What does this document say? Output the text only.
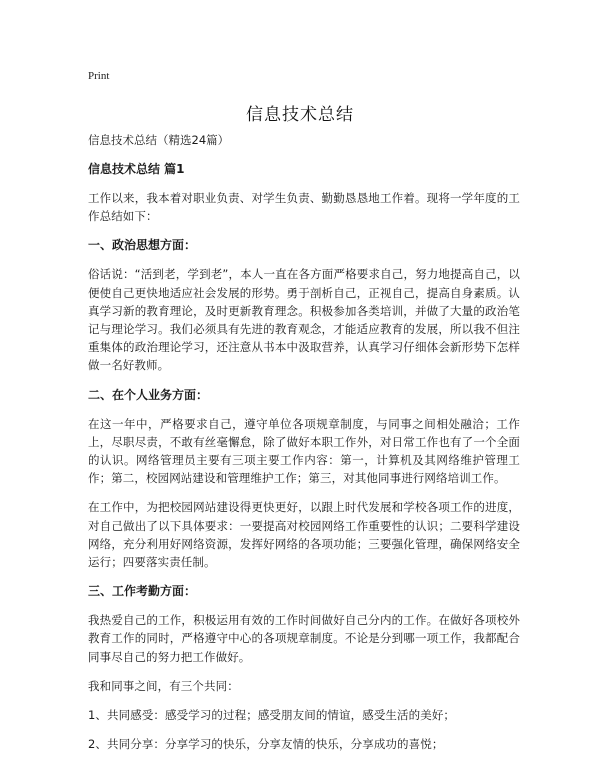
Print
信息技术总结

信息技术总结（精选24篇）

信息技术总结 篇1

工作以来，我本着对职业负责、对学生负责、勤勤恳恳地工作着。现将一学年度的工作总结如下：

一、政治思想方面：

俗话说：“活到老，学到老”，本人一直在各方面严格要求自己，努力地提高自己，以便使自己更快地适应社会发展的形势。勇于剖析自己，正视自己，提高自身素质。认真学习新的教育理论，及时更新教育理念。积极参加各类培训，并做了大量的政治笔记与理论学习。我们必须具有先进的教育观念，才能适应教育的发展，所以我不但注重集体的政治理论学习，还注意从书本中汲取营养，认真学习仔细体会新形势下怎样做一名好教师。

二、在个人业务方面：

在这一年中，严格要求自己，遵守单位各项规章制度，与同事之间相处融洽；工作上，尽职尽责，不敢有丝毫懈怠，除了做好本职工作外，对日常工作也有了一个全面的认识。网络管理员主要有三项主要工作内容：第一，计算机及其网络维护管理工作；第二，校园网站建设和管理维护工作；第三，对其他同事进行网络培训工作。

在工作中，为把校园网站建设得更快更好，以跟上时代发展和学校各项工作的进度，对自己做出了以下具体要求：一要提高对校园网络工作重要性的认识；二要科学建设网络，充分利用好网络资源，发挥好网络的各项功能；三要强化管理，确保网络安全运行；四要落实责任制。

三、工作考勤方面：

我热爱自己的工作，积极运用有效的工作时间做好自己分内的工作。在做好各项校外教育工作的同时，严格遵守中心的各项规章制度。不论是分到哪一项工作，我都配合同事尽自己的努力把工作做好。

我和同事之间，有三个共同：

1、共同感受：感受学习的过程；感受朋友间的情谊，感受生活的美好；

2、共同分享：分享学习的快乐，分享友情的快乐，分享成功的喜悦；
